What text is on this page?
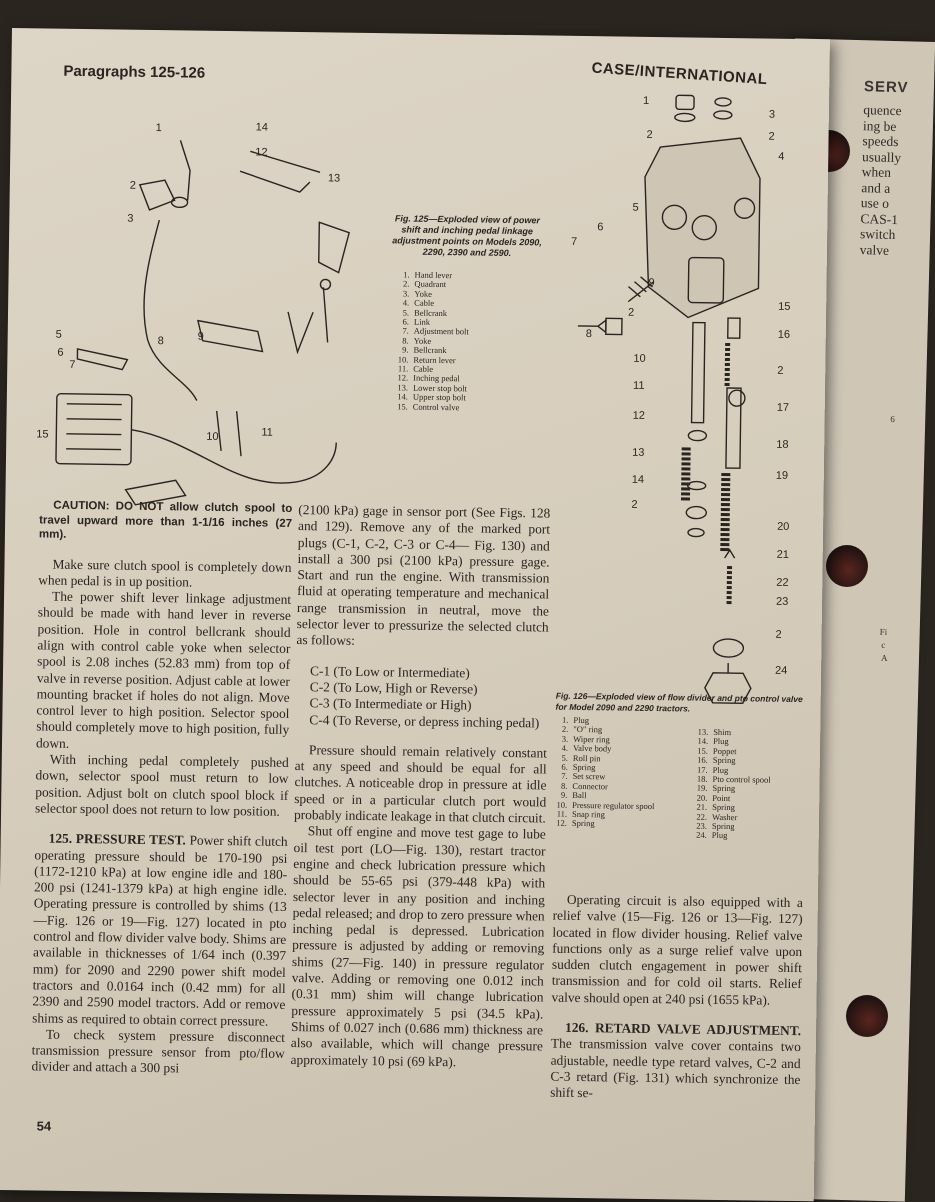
SERV
quence
ing be
speeds
usually
when
and a
use o
CAS-1
switch
valve
Fi
c
A
6
Paragraphs 125-126	CASE/INTERNATIONAL
1
2
3
5
6
7
8	9
10	11
12
13
14
15
Fig. 125—Exploded view of power shift and inching pedal linkage adjustment points on Models 2090, 2290, 2390 and 2590.
1. Hand lever
2. Quadrant
3. Yoke
4. Cable
5. Bellcrank
6. Link
7. Adjustment bolt
8. Yoke
9. Bellcrank
10. Return lever
11. Cable
12. Inching pedal
13. Lower stop bolt
14. Upper stop bolt
15. Control valve
1
2
3
2
4
5
6
7
2
8
9
15
16
2
10
11
17
12
18
13
19
14
2
20
21
22
23
2
24
Fig. 126—Exploded view of flow divider and pto control valve for Model 2090 and 2290 tractors.
1. Plug
2. "O" ring
3. Wiper ring
4. Valve body
5. Roll pin
6. Spring
7. Set screw
8. Connector
9. Ball
10. Pressure regulator spool
11. Snap ring
12. Spring
13. Shim
14. Plug
15. Poppet
16. Spring
17. Plug
18. Pto control spool
19. Spring
20. Point
21. Spring
22. Washer
23. Spring
24. Plug

CAUTION: DO NOT allow clutch spool to travel upward more than 1-1/16 inches (27 mm).

Make sure clutch spool is completely down when pedal is in up position.

The power shift lever linkage adjustment should be made with hand lever in reverse position. Hole in control bellcrank should align with control cable yoke when selector spool is 2.08 inches (52.83 mm) from top of valve in reverse position. Adjust cable at lower mounting bracket if holes do not align. Move control lever to high position. Selector spool should completely move to high position, fully down.

With inching pedal completely pushed down, selector spool must return to low position. Adjust bolt on clutch spool block if selector spool does not return to low position.

125. PRESSURE TEST. Power shift clutch operating pressure should be 170-190 psi (1172-1210 kPa) at low engine idle and 180-200 psi (1241-1379 kPa) at high engine idle. Operating pressure is controlled by shims (13—Fig. 126 or 19—Fig. 127) located in pto control and flow divider valve body. Shims are available in thicknesses of 1/64 inch (0.397 mm) for 2090 and 2290 power shift model tractors and 0.0164 inch (0.42 mm) for all 2390 and 2590 model tractors. Add or remove shims as required to obtain correct pressure.

To check system pressure disconnect transmission pressure sensor from pto/flow divider and attach a 300 psi

54

(2100 kPa) gage in sensor port (See Figs. 128 and 129). Remove any of the marked port plugs (C-1, C-2, C-3 or C-4— Fig. 130) and install a 300 psi (2100 kPa) pressure gage. Start and run the engine. With transmission fluid at operating temperature and mechanical range transmission in neutral, move the selector lever to pressurize the selected clutch as follows:

C-1 (To Low or Intermediate)
C-2 (To Low, High or Reverse)
C-3 (To Intermediate or High)
C-4 (To Reverse, or depress inching pedal)

Pressure should remain relatively constant at any speed and should be equal for all clutches. A noticeable drop in pressure at idle speed or in a particular clutch port would probably indicate leakage in that clutch circuit.

Shut off engine and move test gage to lube oil test port (LO—Fig. 130), restart tractor engine and check lubrication pressure which should be 55-65 psi (379-448 kPa) with selector lever in any position and inching pedal released; and drop to zero pressure when inching pedal is depressed. Lubrication pressure is adjusted by adding or removing shims (27—Fig. 140) in pressure regulator valve. Adding or removing one 0.012 inch (0.31 mm) shim will change lubrication pressure approximately 5 psi (34.5 kPa). Shims of 0.027 inch (0.686 mm) thickness are also available, which will change pressure approximately 10 psi (69 kPa).

Operating circuit is also equipped with a relief valve (15—Fig. 126 or 13—Fig. 127) located in flow divider housing. Relief valve functions only as a surge relief valve upon sudden clutch engagement in power shift transmission and for cold oil starts. Relief valve should open at 240 psi (1655 kPa).

126. RETARD VALVE ADJUSTMENT. The transmission valve cover contains two adjustable, needle type retard valves, C-2 and C-3 retard (Fig. 131) which synchronize the shift se-
